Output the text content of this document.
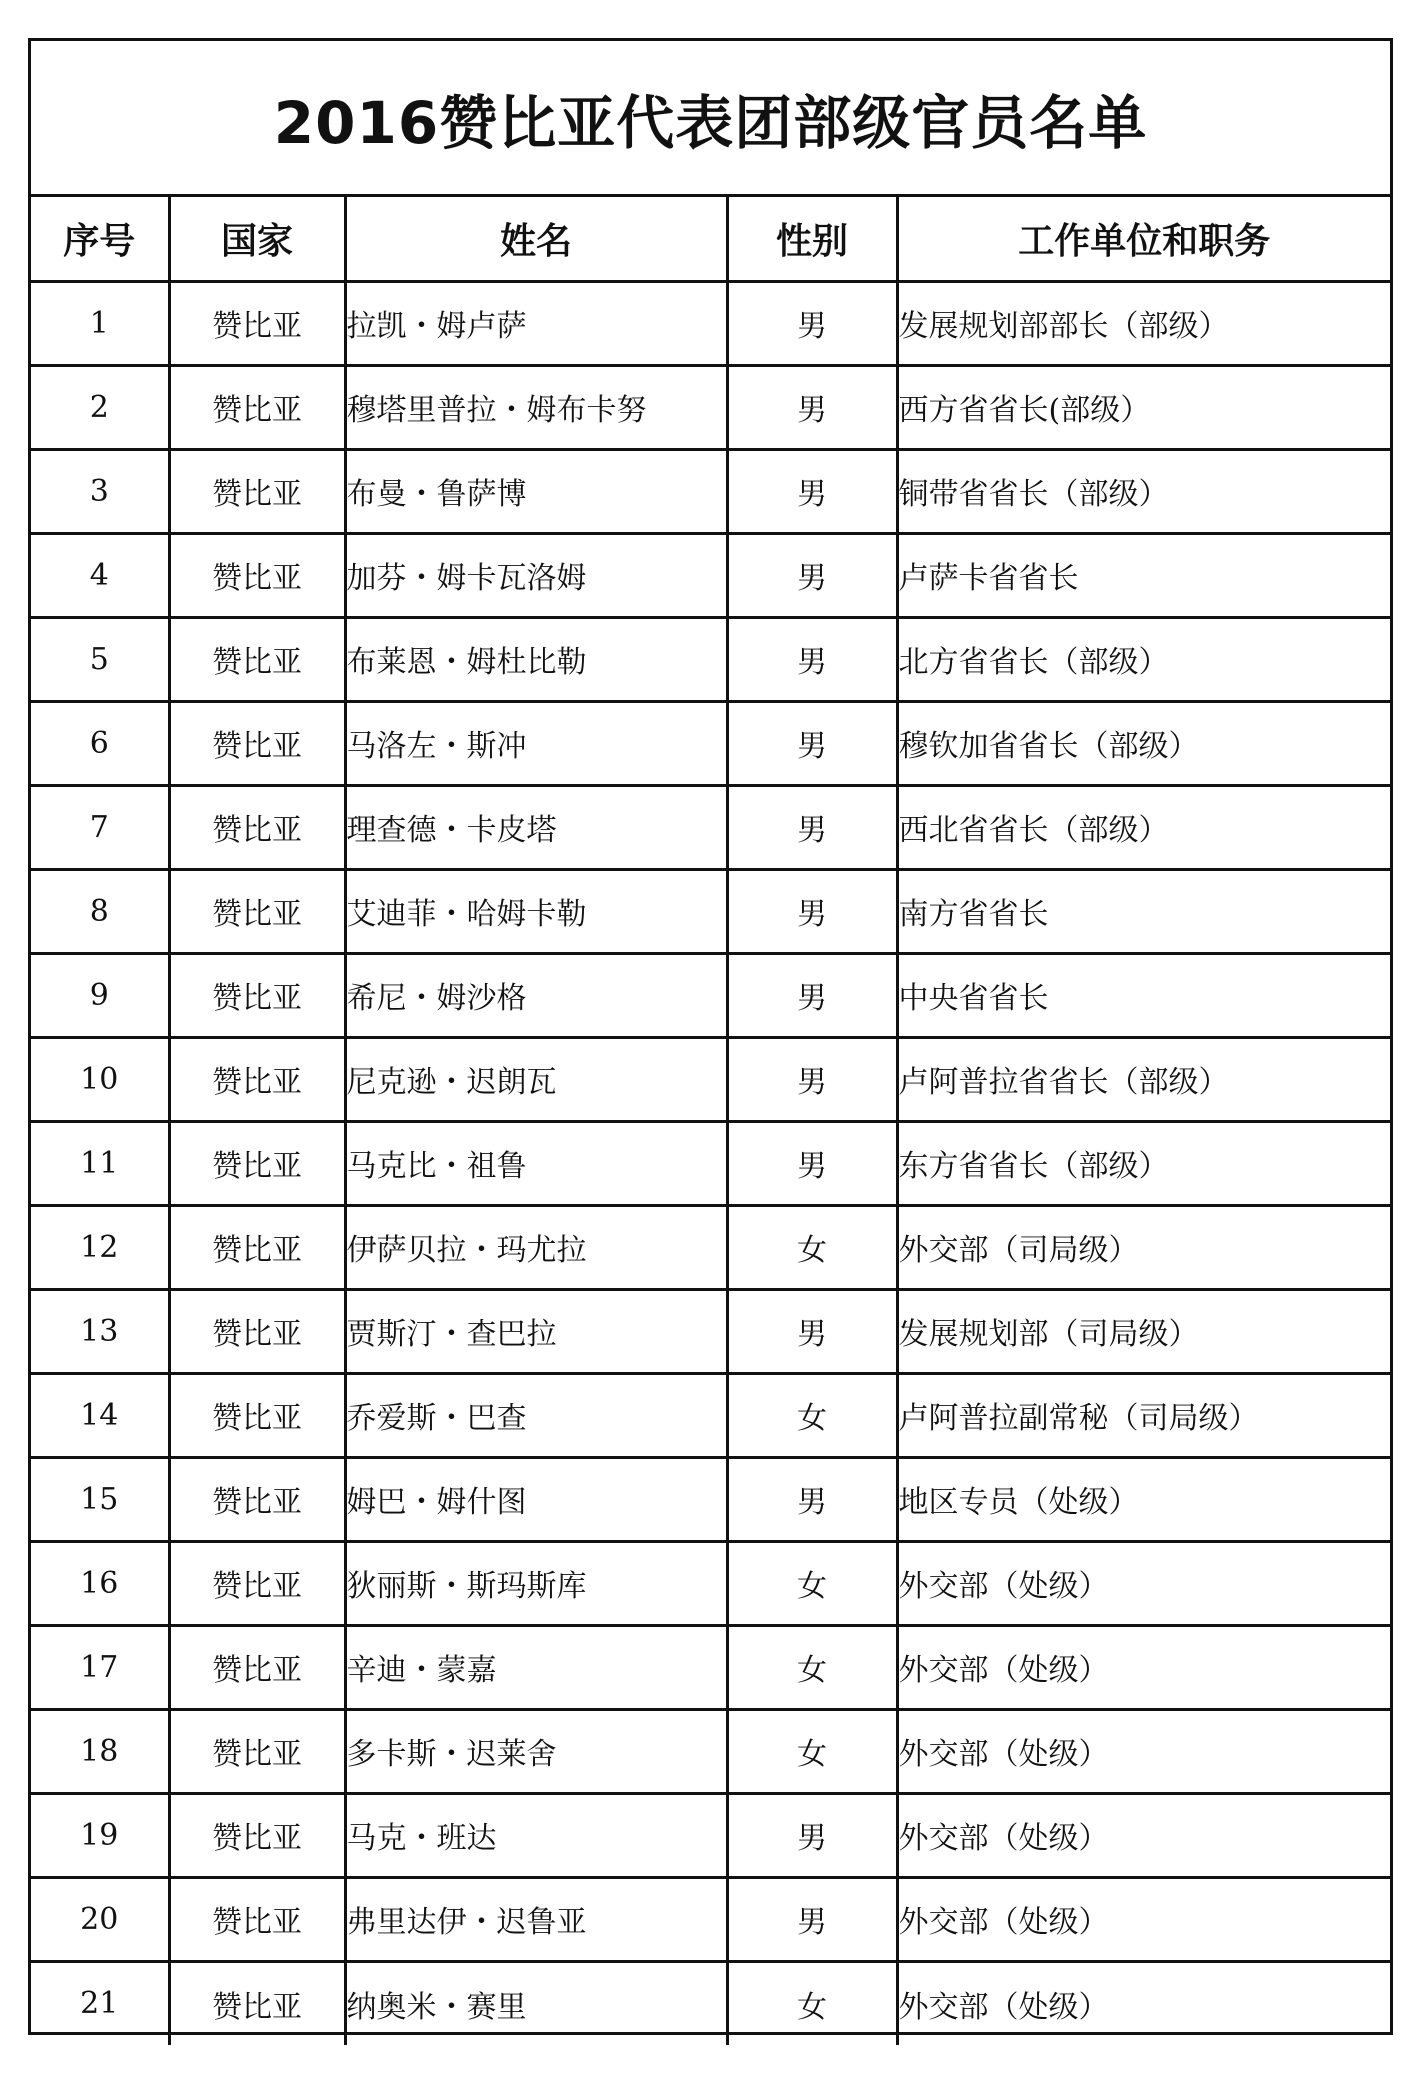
2016赞比亚代表团部级官员名单
序号	国家	姓名	性别	工作单位和职务
1	赞比亚	拉凯・姆卢萨	男	发展规划部部长（部级）
2	赞比亚	穆塔里普拉・姆布卡努	男	西方省省长(部级）
3	赞比亚	布曼・鲁萨博	男	铜带省省长（部级）
4	赞比亚	加芬・姆卡瓦洛姆	男	卢萨卡省省长
5	赞比亚	布莱恩・姆杜比勒	男	北方省省长（部级）
6	赞比亚	马洛左・斯冲	男	穆钦加省省长（部级）
7	赞比亚	理查德・卡皮塔	男	西北省省长（部级）
8	赞比亚	艾迪菲・哈姆卡勒	男	南方省省长
9	赞比亚	希尼・姆沙格	男	中央省省长
10	赞比亚	尼克逊・迟朗瓦	男	卢阿普拉省省长（部级）
11	赞比亚	马克比・祖鲁	男	东方省省长（部级）
12	赞比亚	伊萨贝拉・玛尤拉	女	外交部（司局级）
13	赞比亚	贾斯汀・查巴拉	男	发展规划部（司局级）
14	赞比亚	乔爱斯・巴查	女	卢阿普拉副常秘（司局级）
15	赞比亚	姆巴・姆什图	男	地区专员（处级）
16	赞比亚	狄丽斯・斯玛斯库	女	外交部（处级）
17	赞比亚	辛迪・蒙嘉	女	外交部（处级）
18	赞比亚	多卡斯・迟莱舍	女	外交部（处级）
19	赞比亚	马克・班达	男	外交部（处级）
20	赞比亚	弗里达伊・迟鲁亚	男	外交部（处级）
21	赞比亚	纳奥米・赛里	女	外交部（处级）
